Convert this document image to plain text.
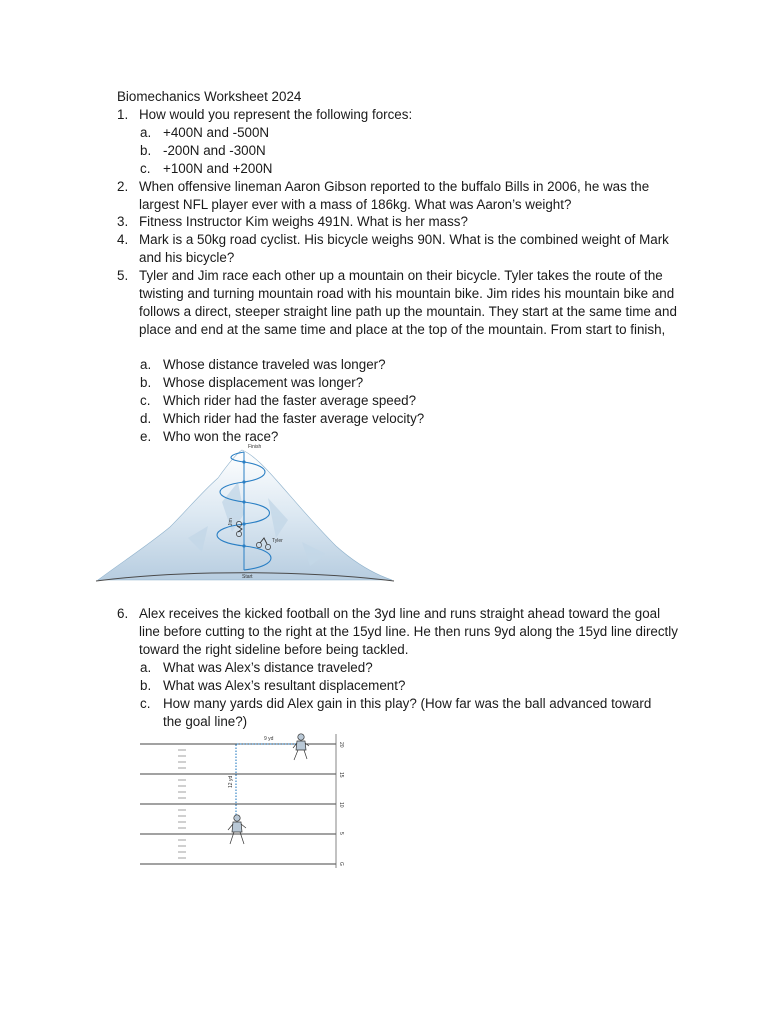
Biomechanics Worksheet 2024
1. How would you represent the following forces:
a. +400N and -500N
b. -200N and -300N
c. +100N and +200N
2. When offensive lineman Aaron Gibson reported to the buffalo Bills in 2006, he was the largest NFL player ever with a mass of 186kg. What was Aaron’s weight?
3. Fitness Instructor Kim weighs 491N. What is her mass?
4. Mark is a 50kg road cyclist. His bicycle weighs 90N. What is the combined weight of Mark and his bicycle?
5. Tyler and Jim race each other up a mountain on their bicycle. Tyler takes the route of the twisting and turning mountain road with his mountain bike. Jim rides his mountain bike and follows a direct, steeper straight line path up the mountain. They start at the same time and place and end at the same time and place at the top of the mountain. From start to finish,
a. Whose distance traveled was longer?
b. Whose displacement was longer?
c. Which rider had the faster average speed?
d. Which rider had the faster average velocity?
e. Who won the race?
Finish
Start
Jim
Tyler
6. Alex receives the kicked football on the 3yd line and runs straight ahead toward the goal line before cutting to the right at the 15yd line. He then runs 9yd along the 15yd line directly toward the right sideline before being tackled.
a. What was Alex’s distance traveled?
b. What was Alex’s resultant displacement?
c. How many yards did Alex gain in this play? (How far was the ball advanced toward the goal line?)
9 yd
12 yd
20
15
10
5
G
